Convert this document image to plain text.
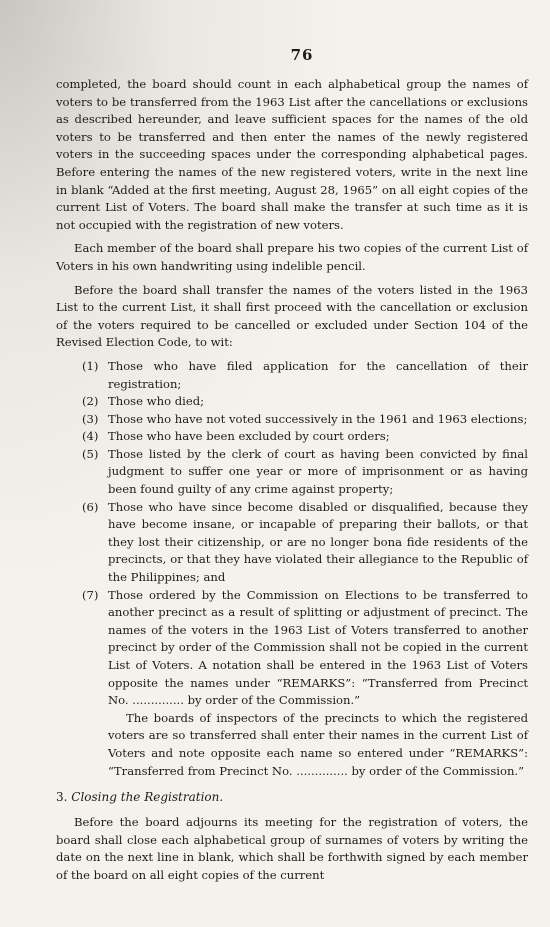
76

completed, the board should count in each alphabetical group the names of voters to be transferred from the 1963 List after the cancellations or exclusions as described hereunder, and leave sufficient spaces for the names of the old voters to be transferred and then enter the names of the newly registered voters in the succeeding spaces under the corresponding alphabetical pages. Before entering the names of the new registered voters, write in the next line in blank “Added at the first meeting, August 28, 1965” on all eight copies of the current List of Voters. The board shall make the transfer at such time as it is not occupied with the registration of new voters.

Each member of the board shall prepare his two copies of the current List of Voters in his own handwriting using indelible pencil.

Before the board shall transfer the names of the voters listed in the 1963 List to the current List, it shall first proceed with the cancellation or exclusion of the voters required to be cancelled or excluded under Section 104 of the Revised Election Code, to wit:

(1) Those who have filed application for the cancellation of their registration;
(2) Those who died;
(3) Those who have not voted successively in the 1961 and 1963 elections;
(4) Those who have been excluded by court orders;
(5) Those listed by the clerk of court as having been convicted by final judgment to suffer one year or more of imprisonment or as having been found guilty of any crime against property;
(6) Those who have since become disabled or disqualified, because they have become insane, or incapable of preparing their ballots, or that they lost their citizenship, or are no longer bona fide residents of the precincts, or that they have violated their allegiance to the Republic of the Philippines; and
(7) Those ordered by the Commission on Elections to be transferred to another precinct as a result of splitting or adjustment of precinct. The names of the voters in the 1963 List of Voters transferred to another precinct by order of the Commission shall not be copied in the current List of Voters. A notation shall be entered in the 1963 List of Voters opposite the names under “REMARKS”: “Transferred from Precinct No. .............. by order of the Commission.”
The boards of inspectors of the precincts to which the registered voters are so transferred shall enter their names in the current List of Voters and note opposite each name so entered under “REMARKS”: “Transferred from Precinct No. .............. by order of the Commission.”
3. Closing the Registration.

Before the board adjourns its meeting for the registration of voters, the board shall close each alphabetical group of surnames of voters by writing the date on the next line in blank, which shall be forthwith signed by each member of the board on all eight copies of the current
